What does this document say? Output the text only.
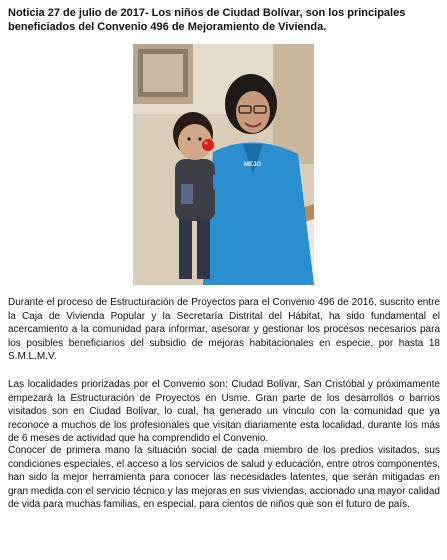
Noticia 27 de julio de 2017- Los niños de Ciudad Bolívar, son los principales beneficiados del Convenio 496 de Mejoramiento de Vivienda.

MEJO

Durante el proceso de Estructuración de Proyectos para el Convenio 496 de 2016, suscrito entre la Caja de Vivienda Popular y la Secretaría Distrital del Hábitat, ha sido fundamental el acercamiento a la comunidad para informar, asesorar y gestionar los procesos necesarios para los posibles beneficiarios del subsidio de mejoras habitacionales en especie, por hasta 18 S.M.L.M.V.

Las localidades priorizadas por el Convenio son: Ciudad Bolívar, San Cristóbal y próximamente empezará la Estructuración de Proyectos en Usme. Gran parte de los desarrollos o barrios visitados son en Ciudad Bolívar, lo cual, ha generado un vínculo con la comunidad que ya reconoce a muchos de los profesionales que visitan diariamente esta localidad, durante los más de 6 meses de actividad que ha comprendido el Convenio.

Conocer de primera mano la situación social de cada miembro de los predios visitados, sus condiciones especiales, el acceso a los servicios de salud y educación, entre otros componentes, han sido la mejor herramienta para conocer las necesidades latentes, que serán mitigadas en gran medida con el servicio técnico y las mejoras en sus viviendas, accionado una mayor calidad de vida para muchas familias, en especial, para cientos de niños que son el futuro de país.
